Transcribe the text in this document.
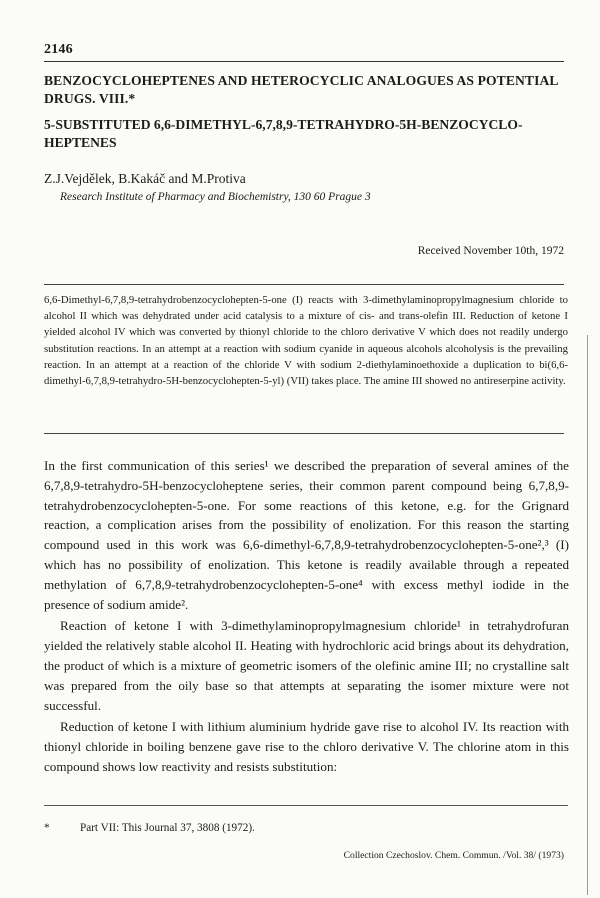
2146
BENZOCYCLOHEPTENES AND HETEROCYCLIC ANALOGUES AS POTENTIAL DRUGS. VIII.*
5-SUBSTITUTED 6,6-DIMETHYL-6,7,8,9-TETRAHYDRO-5H-BENZOCYCLO-HEPTENES
Z.J.Vejdělek, B.Kakáč and M.Protiva
Research Institute of Pharmacy and Biochemistry, 130 60 Prague 3
Received November 10th, 1972
6,6-Dimethyl-6,7,8,9-tetrahydrobenzocyclohepten-5-one (I) reacts with 3-dimethylaminopropylmagnesium chloride to alcohol II which was dehydrated under acid catalysis to a mixture of cis- and trans-olefin III. Reduction of ketone I yielded alcohol IV which was converted by thionyl chloride to the chloro derivative V which does not readily undergo substitution reactions. In an attempt at a reaction with sodium cyanide in aqueous alcohols alcoholysis is the prevailing reaction. In an attempt at a reaction of the chloride V with sodium 2-diethylaminoethoxide a duplication to bi(6,6-dimethyl-6,7,8,9-tetrahydro-5H-benzocyclohepten-5-yl) (VII) takes place. The amine III showed no antireserpine activity.

In the first communication of this series¹ we described the preparation of several amines of the 6,7,8,9-tetrahydro-5H-benzocycloheptene series, their common parent compound being 6,7,8,9-tetrahydrobenzocyclohepten-5-one. For some reactions of this ketone, e.g. for the Grignard reaction, a complication arises from the possibility of enolization. For this reason the starting compound used in this work was 6,6-dimethyl-6,7,8,9-tetrahydrobenzocyclohepten-5-one²,³ (I) which has no possibility of enolization. This ketone is readily available through a repeated methylation of 6,7,8,9-tetrahydrobenzocyclohepten-5-one⁴ with excess methyl iodide in the presence of sodium amide².

Reaction of ketone I with 3-dimethylaminopropylmagnesium chloride¹ in tetrahydrofuran yielded the relatively stable alcohol II. Heating with hydrochloric acid brings about its dehydration, the product of which is a mixture of geometric isomers of the olefinic amine III; no crystalline salt was prepared from the oily base so that attempts at separating the isomer mixture were not successful.

Reduction of ketone I with lithium aluminium hydride gave rise to alcohol IV. Its reaction with thionyl chloride in boiling benzene gave rise to the chloro derivative V. The chlorine atom in this compound shows low reactivity and resists substitution:

*	Part VII: This Journal 37, 3808 (1972).
Collection Czechoslov. Chem. Commun. /Vol. 38/ (1973)
